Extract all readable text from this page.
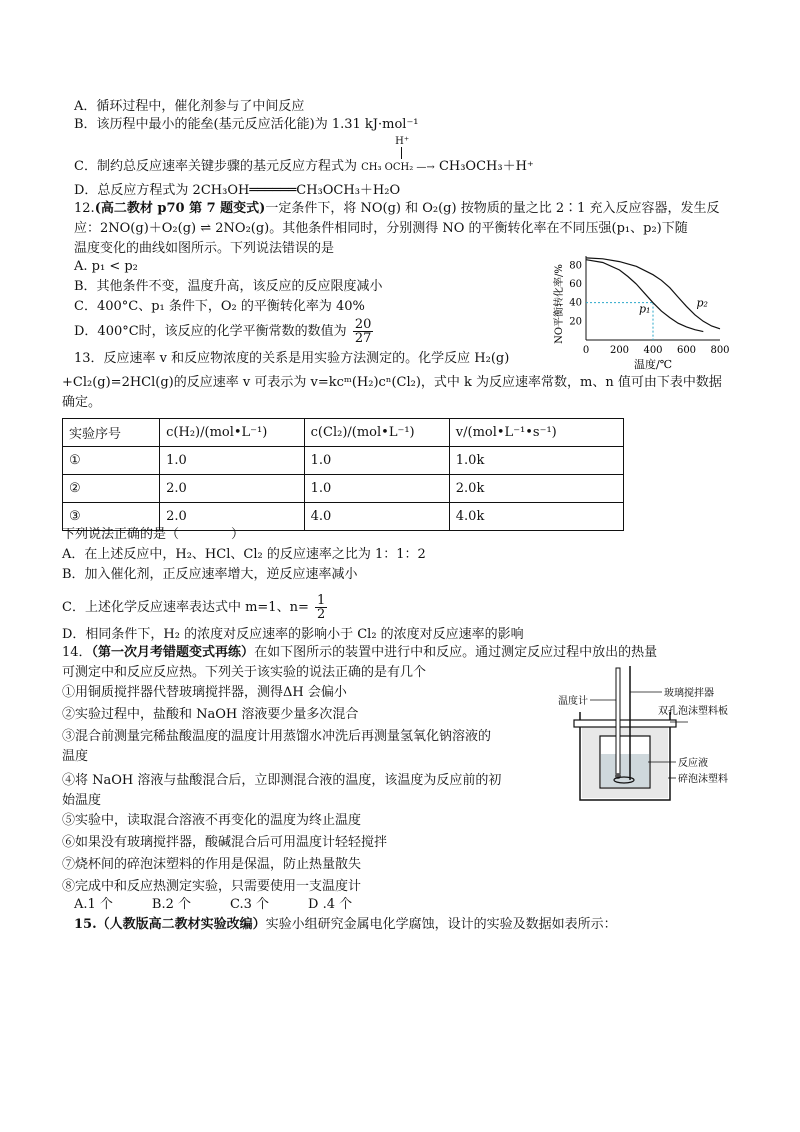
A．循环过程中，催化剂参与了中间反应
B．该历程中最小的能垒(基元反应活化能)为 1.31 kJ·mol⁻¹
C．制约总反应速率关键步骤的基元反应方程式为
H⁺
CH₃ OCH₂ —→ CH₃OCH₃＋H⁺
D．总反应方程式为 2CH₃OH══════CH₃OCH₃＋H₂O
12.(高二教材 p70 第 7 题变式)一定条件下，将 NO(g) 和 O₂(g) 按物质的量之比 2∶1 充入反应容器，发生反
应：2NO(g)＋O₂(g) ⇌ 2NO₂(g)。其他条件相同时，分别测得 NO 的平衡转化率在不同压强(p₁、p₂)下随
温度变化的曲线如图所示。下列说法错误的是
A. p₁ < p₂
B．其他条件不变，温度升高，该反应的反应限度减小
C．400°C、p₁ 条件下，O₂ 的平衡转化率为 40%
D．400°C时，该反应的化学平衡常数的数值为 $\frac{20}{27}$	NO平衡转化率/%
温度/℃
0 200 400 600 800
20
40
60
80
p₂
p₁
13．反应速率 v 和反应物浓度的关系是用实验方法测定的。化学反应 H₂(g)
+Cl₂(g)=2HCl(g)的反应速率 v 可表示为 v=kcᵐ(H₂)cⁿ(Cl₂)，式中 k 为反应速率常数，m、n 值可由下表中数据
确定。
实验序号	c(H₂)/(mol•L⁻¹)	c(Cl₂)/(mol•L⁻¹)	v/(mol•L⁻¹•s⁻¹)
①	1.0	1.0	1.0k
②	2.0	1.0	2.0k
③	2.0	4.0	4.0k
下列说法正确的是（　　　　）
A．在上述反应中，H₂、HCl、Cl₂ 的反应速率之比为 1：1：2
B．加入催化剂，正反应速率增大，逆反应速率减小
C．上述化学反应速率表达式中 m=1、$n= \frac{1}{2}$
D．相同条件下，H₂ 的浓度对反应速率的影响小于 Cl₂ 的浓度对反应速率的影响
14．（第一次月考错题变式再练）在如下图所示的装置中进行中和反应。通过测定反应过程中放出的热量
可测定中和反应反应热。下列关于该实验的说法正确的是有几个
①用铜质搅拌器代替玻璃搅拌器，测得ΔH 会偏小
②实验过程中，盐酸和 NaOH 溶液要少量多次混合
③混合前测量完稀盐酸温度的温度计用蒸馏水冲洗后再测量氢氧化钠溶液的
温度
④将 NaOH 溶液与盐酸混合后，立即测混合液的温度，该温度为反应前的初
始温度
⑤实验中，读取混合溶液不再变化的温度为终止温度
⑥如果没有玻璃搅拌器，酸碱混合后可用温度计轻轻搅拌
⑦烧杯间的碎泡沫塑料的作用是保温，防止热量散失
⑧完成中和反应热测定实验，只需要使用一支温度计
A.1 个　　　B.2 个　　　C.3 个　　　D .4 个
温度计
玻璃搅拌器
双孔泡沫塑料板
反应液
碎泡沫塑料
15.（人教版高二教材实验改编）实验小组研究金属电化学腐蚀，设计的实验及数据如表所示：
